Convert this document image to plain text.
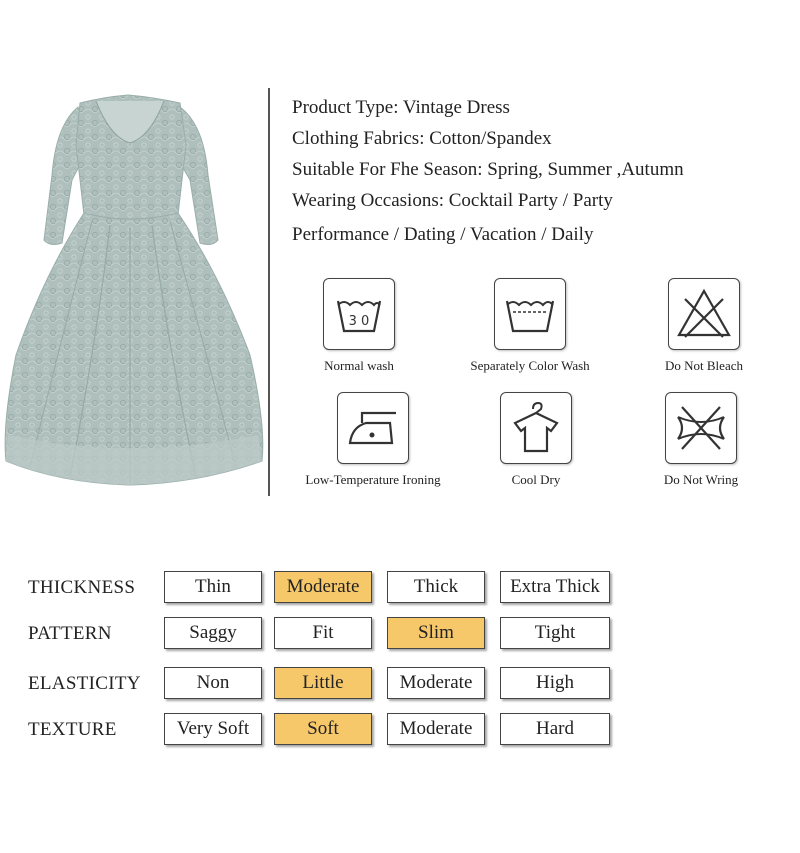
Product Type: Vintage Dress
Clothing Fabrics: Cotton/Spandex
Suitable For Fhe Season: Spring, Summer ,Autumn
Wearing Occasions: Cocktail Party / Party
Performance / Dating / Vacation / Daily
3 0
Normal wash	Separately Color Wash	Do Not Bleach
Low-Temperature Ironing	Cool Dry	Do Not Wring
THICKNESS	Thin	Moderate	Thick	Extra Thick
PATTERN	Saggy	Fit	Slim	Tight
ELASTICITY	Non	Little	Moderate	High
TEXTURE	Very Soft	Soft	Moderate	Hard
